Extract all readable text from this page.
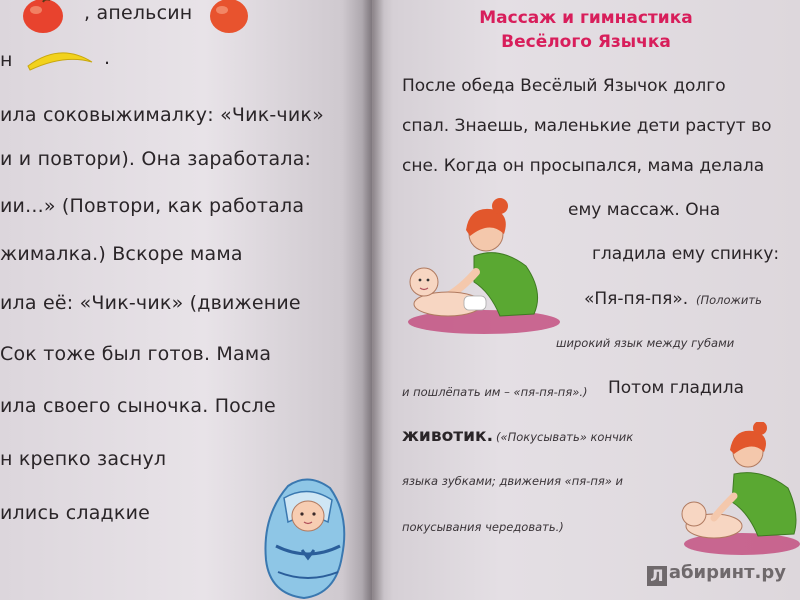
, апельсин
н	.
ила соковыжималку: «Чик-чик»
и и повтори). Она заработала:
ии...» (Повтори, как работала
жималка.) Вскоре мама
ила её: «Чик-чик» (движение
Сок тоже был готов. Мама
ила своего сыночка. После
н крепко заснул
ились сладкие
Массаж и гимнастика
Весёлого Язычка
После обеда Весёлый Язычок долго
спал. Знаешь, маленькие дети растут во
сне. Когда он просыпался, мама делала
ему массаж. Она
гладила ему спинку:
«Пя-пя-пя». (Положить
широкий язык между губами
и пошлёпать им – «пя-пя-пя».) Потом гладила
животик. («Покусывать» кончик
языка зубками; движения «пя-пя» и
покусывания чередовать.)
Л абиринт.ру
